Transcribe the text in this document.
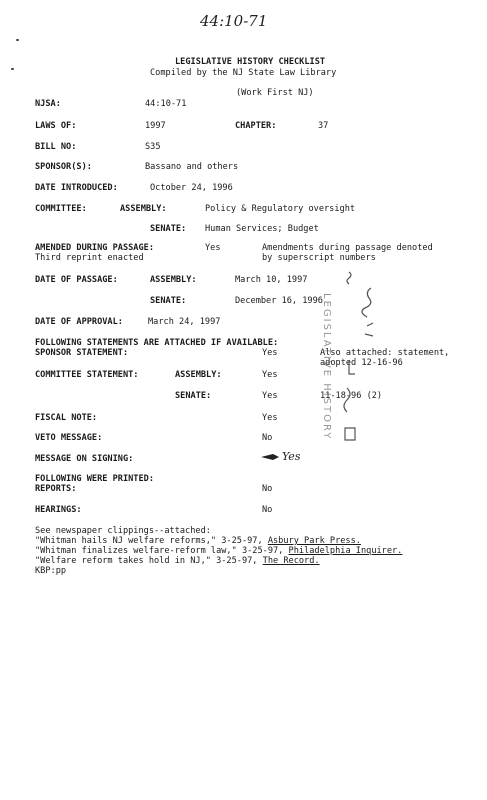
44:10-71
LEGISLATIVE HISTORY CHECKLIST
Compiled by the NJ State Law Library
(Work First NJ)
NJSA:	44:10-71
LAWS OF:	1997	CHAPTER:	37
BILL NO:	S35
SPONSOR(S):	Bassano and others
DATE INTRODUCED:	October 24, 1996
COMMITTEE:	ASSEMBLY:	Policy & Regulatory oversight
SENATE: Human Services; Budget
AMENDED DURING PASSAGE:	Yes	Amendments during passage denoted
Third reprint enacted	by superscript numbers
DATE OF PASSAGE:	ASSEMBLY:	March 10, 1997
SENATE:	December 16, 1996
DATE OF APPROVAL:	March 24, 1997
FOLLOWING STATEMENTS ARE ATTACHED IF AVAILABLE:
SPONSOR STATEMENT:	Yes	Also attached: statement,
adopted 12-16-96
COMMITTEE STATEMENT:	ASSEMBLY:	Yes
SENATE:	Yes	11-18-96 (2)
FISCAL NOTE:	Yes
VETO MESSAGE:	No
MESSAGE ON SIGNING:	Yes
FOLLOWING WERE PRINTED:
REPORTS:	No
HEARINGS:	No
See newspaper clippings--attached:
"Whitman hails NJ welfare reforms," 3-25-97, Asbury Park Press.
"Whitman finalizes welfare-reform law," 3-25-97, Philadelphia Inquirer.
"Welfare reform takes hold in NJ," 3-25-97, The Record.
KBP:pp
LEGISLATIVE HISTORY
